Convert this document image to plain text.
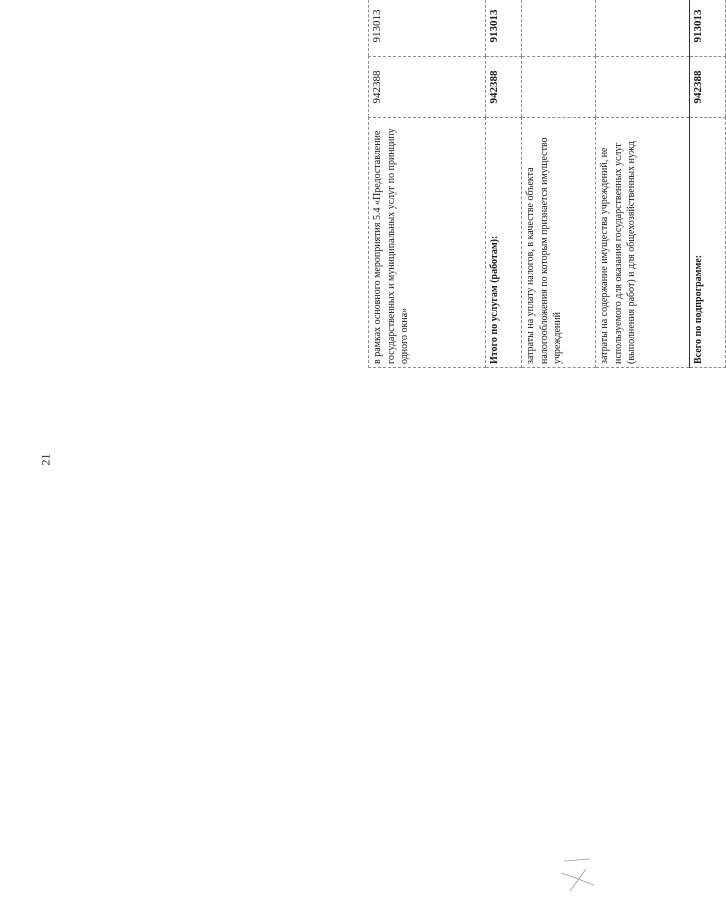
21
в рамках основного мероприятия 5.4 «Предоставление государственных и муниципальных услуг по принципу одного окна»	942388	913013							
Итого по услугам (работам):	942388	913013							
затраты на уплату налогов, в качестве объекта налогообложения по которым признается имущество учреждений									
затраты на содержание имущества учреждений, не используемого для оказания государственных услуг (выполнения работ) и для общехозяйственных нужд									
Всего по подпрограмме:	942388	913013							
